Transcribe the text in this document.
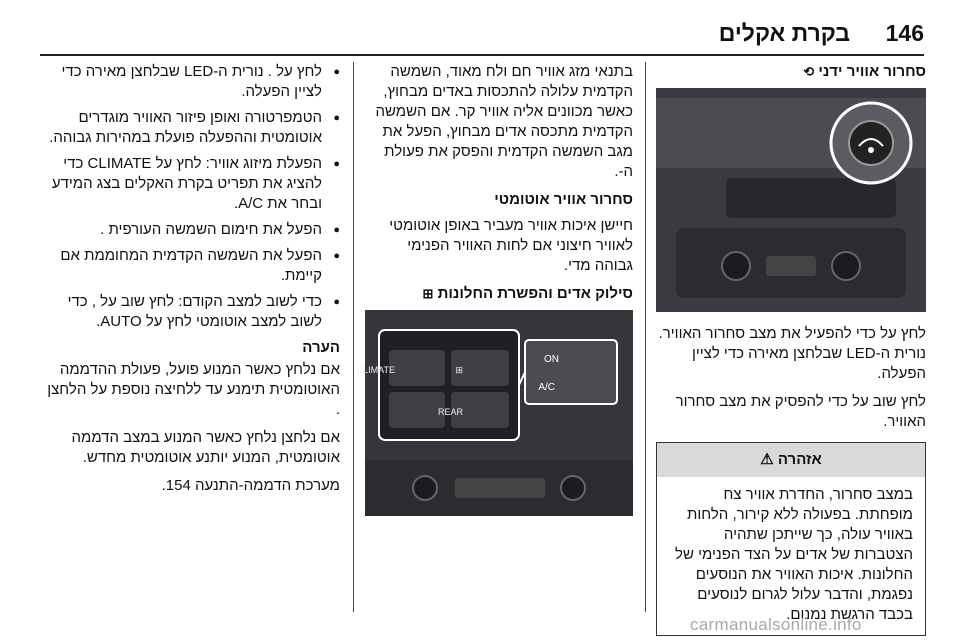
146
בקרת אקלים
סחרור אוויר ידני ⟲

לחץ על כדי להפעיל את מצב סחרור האוויר. נורית ה-LED שבלחצן מאירה כדי לציין הפעלה.

לחץ שוב על כדי להפסיק את מצב סחרור האוויר.

אזהרה ⚠
במצב סחרור, החדרת אוויר צח מופחתת. בפעולה ללא קירור, הלחות באוויר עולה, כך שייתכן שתהיה הצטברות של אדים על הצד הפנימי של החלונות. איכות האוויר את הנוסעים נפגמת, והדבר עלול לגרום לנוסעים בכבד הרגשת נמנום.

בתנאי מזג אוויר חם ולח מאוד, השמשה הקדמית עלולה להתכסות באדים מבחוץ, כאשר מכוונים אליה אוויר קר. אם השמשה הקדמית מתכסה אדים מבחוץ, הפעל את מגב השמשה הקדמית והפסק את פעולת ה-.

סחרור אוויר אוטומטי

חיישן איכות אוויר מעביר באופן אוטומטי לאוויר חיצוני אם לחות האוויר הפנימי גבוהה מדי.

סילוק אדים והפשרת החלונות ⊞
CLIMATE	⊞
REAR
ON
A/C
● לחץ על . נורית ה-LED שבלחצן מאירה כדי לציין הפעלה.
● הטמפרטורה ואופן פיזור האוויר מוגדרים אוטומטית וההפעלה פועלת במהירות גבוהה.
● הפעלת מיזוג אוויר: לחץ על CLIMATE כדי להציג את תפריט בקרת האקלים בצג המידע ובחר את A/C.
● הפעל את חימום השמשה העורפית .
● הפעל את השמשה הקדמית המחוממת אם קיימת.
● כדי לשוב למצב הקודם: לחץ שוב על , כדי לשוב למצב אוטומטי לחץ על AUTO.
הערה

אם נלחץ כאשר המנוע פועל, פעולת ההדממה האוטומטית תימנע עד ללחיצה נוספת על הלחצן .

אם נלחצן נלחץ כאשר המנוע במצב הדממה אוטומטית, המנוע יותנע אוטומטית מחדש.

מערכת הדממה-התנעה 154.

carmanualsonline.info
